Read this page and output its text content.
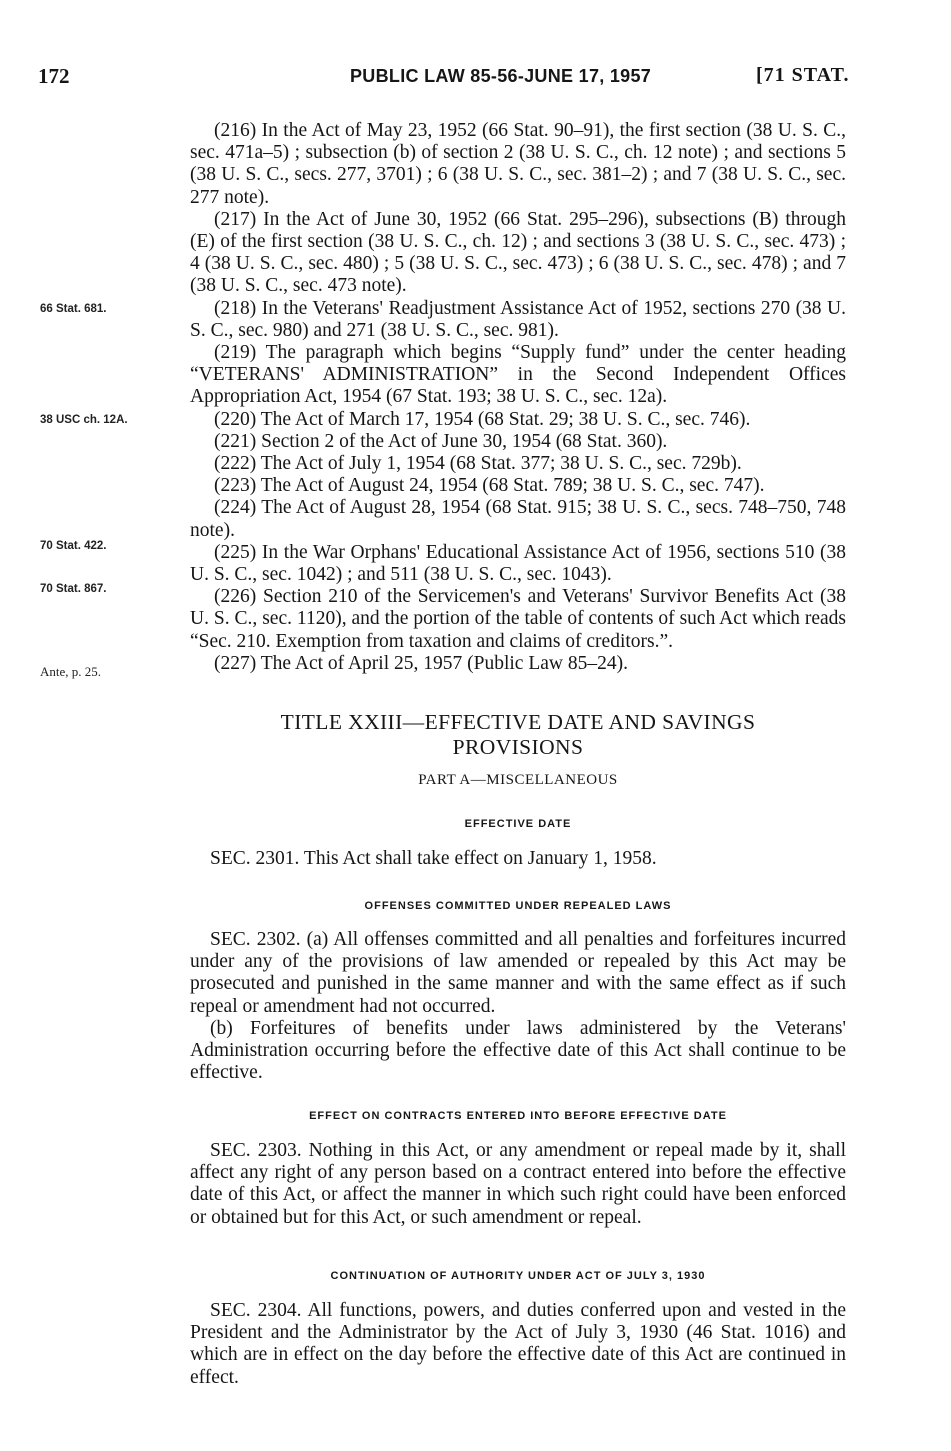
172	PUBLIC LAW 85-56-JUNE 17, 1957	[71 STAT.
66 Stat. 681.
38 USC ch. 12A.
70 Stat. 422.
70 Stat. 867.
Ante, p. 25.

(216) In the Act of May 23, 1952 (66 Stat. 90–91), the first section (38 U. S. C., sec. 471a–5) ; subsection (b) of section 2 (38 U. S. C., ch. 12 note) ; and sections 5 (38 U. S. C., secs. 277, 3701) ; 6 (38 U. S. C., sec. 381–2) ; and 7 (38 U. S. C., sec. 277 note).

(217) In the Act of June 30, 1952 (66 Stat. 295–296), subsections (B) through (E) of the first section (38 U. S. C., ch. 12) ; and sections 3 (38 U. S. C., sec. 473) ; 4 (38 U. S. C., sec. 480) ; 5 (38 U. S. C., sec. 473) ; 6 (38 U. S. C., sec. 478) ; and 7 (38 U. S. C., sec. 473 note).

(218) In the Veterans' Readjustment Assistance Act of 1952, sections 270 (38 U. S. C., sec. 980) and 271 (38 U. S. C., sec. 981).

(219) The paragraph which begins “Supply fund” under the center heading “VETERANS' ADMINISTRATION” in the Second Independent Offices Appropriation Act, 1954 (67 Stat. 193; 38 U. S. C., sec. 12a).

(220) The Act of March 17, 1954 (68 Stat. 29; 38 U. S. C., sec. 746).

(221) Section 2 of the Act of June 30, 1954 (68 Stat. 360).

(222) The Act of July 1, 1954 (68 Stat. 377; 38 U. S. C., sec. 729b).

(223) The Act of August 24, 1954 (68 Stat. 789; 38 U. S. C., sec. 747).

(224) The Act of August 28, 1954 (68 Stat. 915; 38 U. S. C., secs. 748–750, 748 note).

(225) In the War Orphans' Educational Assistance Act of 1956, sections 510 (38 U. S. C., sec. 1042) ; and 511 (38 U. S. C., sec. 1043).

(226) Section 210 of the Servicemen's and Veterans' Survivor Benefits Act (38 U. S. C., sec. 1120), and the portion of the table of contents of such Act which reads “Sec. 210. Exemption from taxation and claims of creditors.”.

(227) The Act of April 25, 1957 (Public Law 85–24).

TITLE XXIII—EFFECTIVE DATE AND SAVINGS PROVISIONS
PART A—MISCELLANEOUS
EFFECTIVE DATE

SEC. 2301. This Act shall take effect on January 1, 1958.

OFFENSES COMMITTED UNDER REPEALED LAWS

SEC. 2302. (a) All offenses committed and all penalties and forfeitures incurred under any of the provisions of law amended or repealed by this Act may be prosecuted and punished in the same manner and with the same effect as if such repeal or amendment had not occurred.

(b) Forfeitures of benefits under laws administered by the Veterans' Administration occurring before the effective date of this Act shall continue to be effective.

EFFECT ON CONTRACTS ENTERED INTO BEFORE EFFECTIVE DATE

SEC. 2303. Nothing in this Act, or any amendment or repeal made by it, shall affect any right of any person based on a contract entered into before the effective date of this Act, or affect the manner in which such right could have been enforced or obtained but for this Act, or such amendment or repeal.

CONTINUATION OF AUTHORITY UNDER ACT OF JULY 3, 1930

SEC. 2304. All functions, powers, and duties conferred upon and vested in the President and the Administrator by the Act of July 3, 1930 (46 Stat. 1016) and which are in effect on the day before the effective date of this Act are continued in effect.
